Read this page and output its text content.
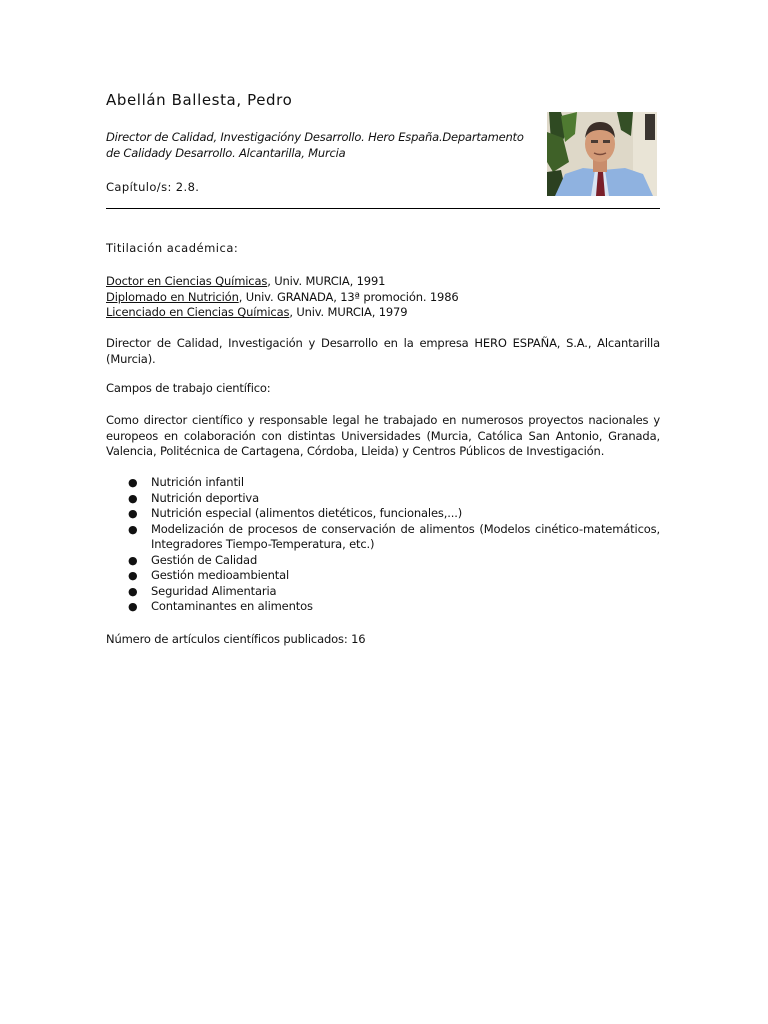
Abellán Ballesta, Pedro
Director de Calidad, Investigacióny Desarrollo. Hero España.Departamento de Calidady Desarrollo. Alcantarilla, Murcia
Capítulo/s: 2.8.
Titilación académica:
Doctor en Ciencias Químicas, Univ. MURCIA, 1991
Diplomado en Nutrición, Univ. GRANADA, 13ª promoción. 1986
Licenciado en Ciencias Químicas, Univ. MURCIA, 1979
Director de Calidad, Investigación y Desarrollo en la empresa HERO ESPAÑA, S.A., Alcantarilla (Murcia).
Campos de trabajo científico:
Como director científico y responsable legal he trabajado en numerosos proyectos nacionales y europeos en colaboración con distintas Universidades (Murcia, Católica San Antonio, Granada, Valencia, Politécnica de Cartagena, Córdoba, Lleida) y Centros Públicos de Investigación.
● Nutrición infantil
● Nutrición deportiva
● Nutrición especial (alimentos dietéticos, funcionales,...)
● Modelización de procesos de conservación de alimentos (Modelos cinético-matemáticos, Integradores Tiempo-Temperatura, etc.)
● Gestión de Calidad
● Gestión medioambiental
● Seguridad Alimentaria
● Contaminantes en alimentos
Número de artículos científicos publicados: 16
